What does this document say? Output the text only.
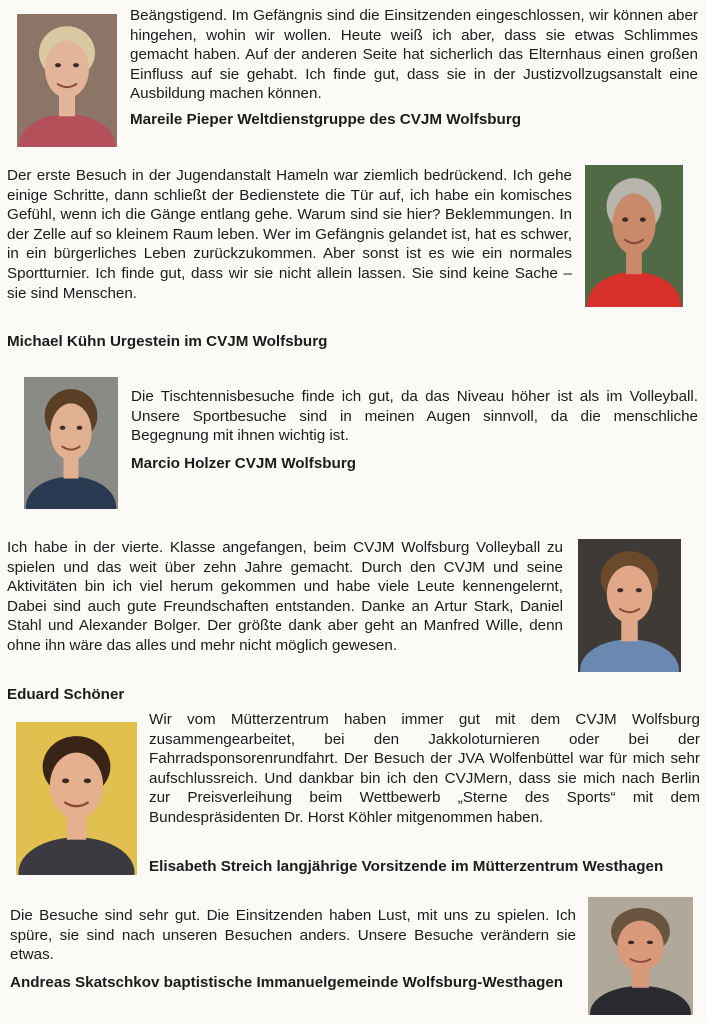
Beängstigend. Im Gefängnis sind die Einsitzenden eingeschlossen, wir können aber hingehen, wohin wir wollen. Heute weiß ich aber, dass sie etwas Schlimmes gemacht haben. Auf der anderen Seite hat sicherlich das Elternhaus einen großen Einfluss auf sie gehabt. Ich finde gut, dass sie in der Justizvollzugsanstalt eine Ausbildung machen können.

Mareile Pieper Weltdienstgruppe des CVJM Wolfsburg

Der erste Besuch in der Jugendanstalt Hameln war ziemlich bedrückend. Ich gehe einige Schritte, dann schließt der Bedienstete die Tür auf, ich habe ein komisches Gefühl, wenn ich die Gänge entlang gehe. Warum sind sie hier? Beklemmungen. In der Zelle auf so kleinem Raum leben. Wer im Gefängnis gelandet ist, hat es schwer, in ein bürgerliches Leben zurückzukommen. Aber sonst ist es wie ein normales Sportturnier. Ich finde gut, dass wir sie nicht allein lassen. Sie sind keine Sache – sie sind Menschen.

Michael Kühn Urgestein im CVJM Wolfsburg

Die Tischtennisbesuche finde ich gut, da das Niveau höher ist als im Volleyball. Unsere Sportbesuche sind in meinen Augen sinnvoll, da die menschliche Begegnung mit ihnen wichtig ist.

Marcio Holzer CVJM Wolfsburg

Ich habe in der vierte. Klasse angefangen, beim CVJM Wolfsburg Volleyball zu spielen und das weit über zehn Jahre gemacht. Durch den CVJM und seine Aktivitäten bin ich viel herum gekommen und habe viele Leute kennengelernt, Dabei sind auch gute Freundschaften entstanden. Danke an Artur Stark, Daniel Stahl und Alexander Bolger. Der größte dank aber geht an Manfred Wille, denn ohne ihn wäre das alles und mehr nicht möglich gewesen.

Eduard Schöner

Wir vom Mütterzentrum haben immer gut mit dem CVJM Wolfsburg zusammengearbeitet, bei den Jakkoloturnieren oder bei der Fahrradsponsorenrundfahrt. Der Besuch der JVA Wolfenbüttel war für mich sehr aufschlussreich. Und dankbar bin ich den CVJMern, dass sie mich nach Berlin zur Preisverleihung beim Wettbewerb „Sterne des Sports“ mit dem Bundespräsidenten Dr. Horst Köhler mitgenommen haben.

Elisabeth Streich langjährige Vorsitzende im Mütterzentrum Westhagen

Die Besuche sind sehr gut. Die Einsitzenden haben Lust, mit uns zu spielen. Ich spüre, sie sind nach unseren Besuchen anders. Unsere Besuche verändern sie etwas.

Andreas Skatschkov baptistische Immanuelgemeinde Wolfsburg-Westhagen
